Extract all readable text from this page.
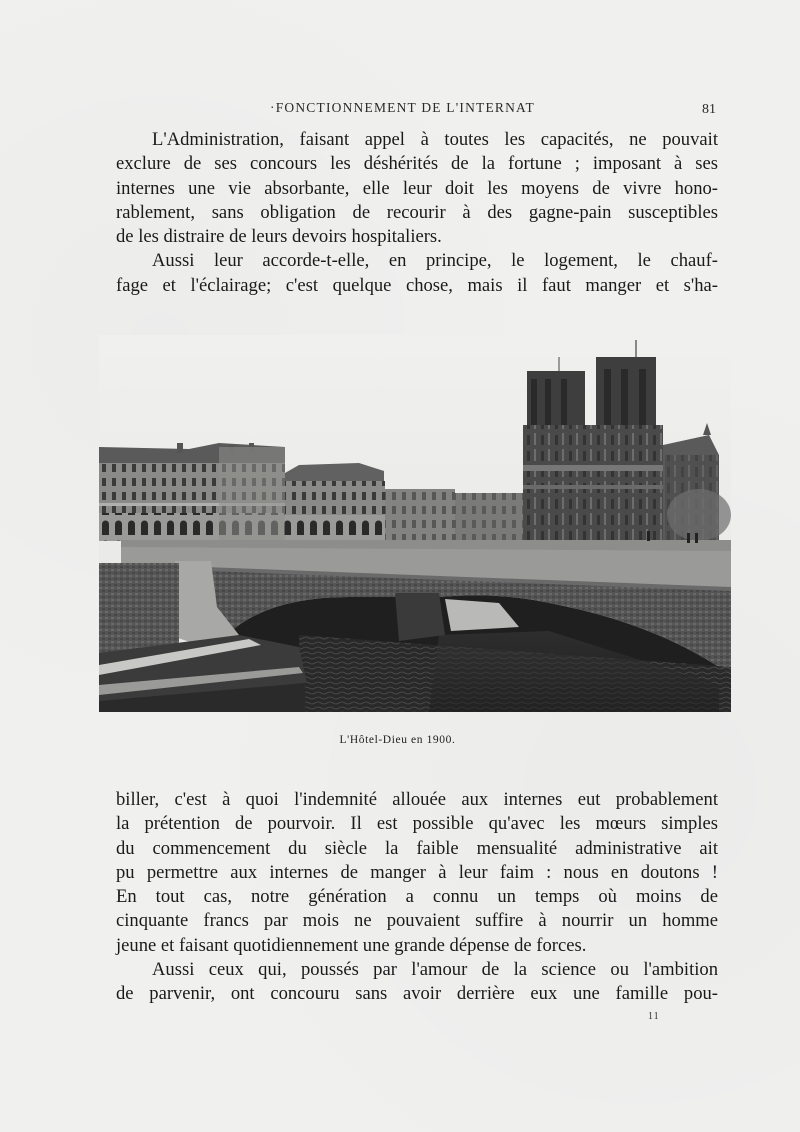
·FONCTIONNEMENT DE L'INTERNAT	81
L'Administration, faisant appel à toutes les capacités, ne pouvait
exclure de ses concours les déshérités de la fortune ; imposant à ses
internes une vie absorbante, elle leur doit les moyens de vivre hono-
rablement, sans obligation de recourir à des gagne-pain susceptibles
de les distraire de leurs devoirs hospitaliers.
Aussi leur accorde-t-elle, en principe, le logement, le chauf-
fage et l'éclairage; c'est quelque chose, mais il faut manger et s'ha-
L'Hôtel-Dieu en 1900.
biller, c'est à quoi l'indemnité allouée aux internes eut probablement
la prétention de pourvoir. Il est possible qu'avec les mœurs simples
du commencement du siècle la faible mensualité administrative ait
pu permettre aux internes de manger à leur faim : nous en doutons !
En tout cas, notre génération a connu un temps où moins de
cinquante francs par mois ne pouvaient suffire à nourrir un homme
jeune et faisant quotidiennement une grande dépense de forces.
Aussi ceux qui, poussés par l'amour de la science ou l'ambition
de parvenir, ont concouru sans avoir derrière eux une famille pou-
11
